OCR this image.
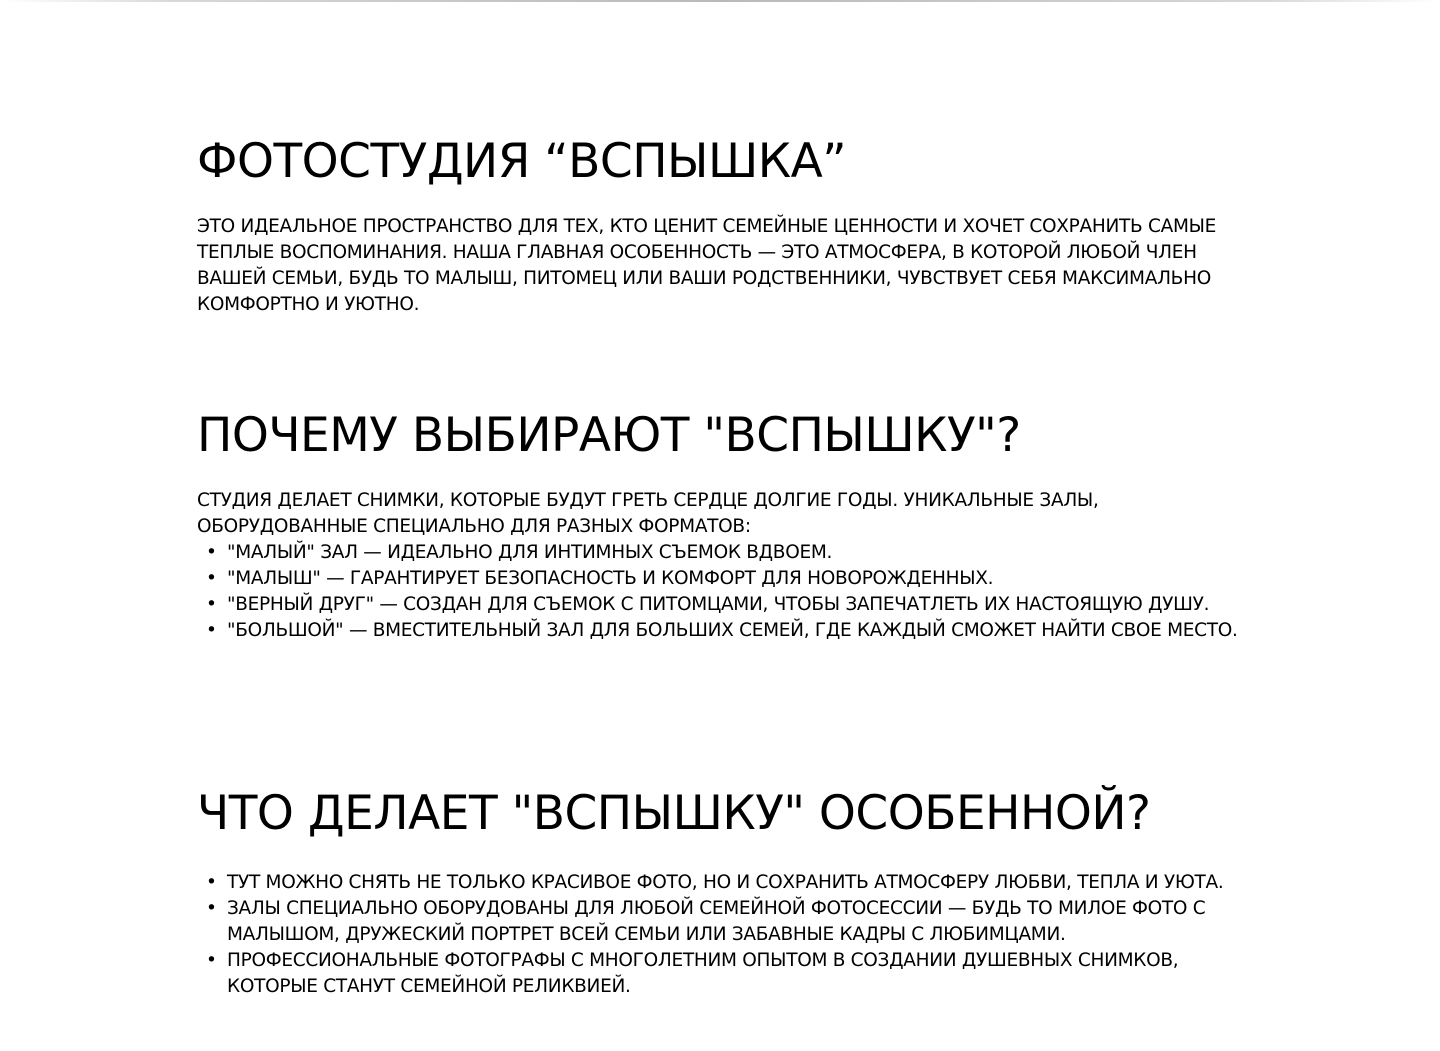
ФОТОСТУДИЯ “ВСПЫШКА”

ЭТО ИДЕАЛЬНОЕ ПРОСТРАНСТВО ДЛЯ ТЕХ, КТО ЦЕНИТ СЕМЕЙНЫЕ ЦЕННОСТИ И ХОЧЕТ СОХРАНИТЬ САМЫЕ ТЕПЛЫЕ ВОСПОМИНАНИЯ. НАША ГЛАВНАЯ ОСОБЕННОСТЬ — ЭТО АТМОСФЕРА, В КОТОРОЙ ЛЮБОЙ ЧЛЕН ВАШЕЙ СЕМЬИ, БУДЬ ТО МАЛЫШ, ПИТОМЕЦ ИЛИ ВАШИ РОДСТВЕННИКИ, ЧУВСТВУЕТ СЕБЯ МАКСИМАЛЬНО КОМФОРТНО И УЮТНО.

ПОЧЕМУ ВЫБИРАЮТ "ВСПЫШКУ"?

СТУДИЯ ДЕЛАЕТ СНИМКИ, КОТОРЫЕ БУДУТ ГРЕТЬ СЕРДЦЕ ДОЛГИЕ ГОДЫ. УНИКАЛЬНЫЕ ЗАЛЫ, ОБОРУДОВАННЫЕ СПЕЦИАЛЬНО ДЛЯ РАЗНЫХ ФОРМАТОВ:

• "МАЛЫЙ" ЗАЛ — ИДЕАЛЬНО ДЛЯ ИНТИМНЫХ СЪЕМОК ВДВОЕМ.
• "МАЛЫШ" — ГАРАНТИРУЕТ БЕЗОПАСНОСТЬ И КОМФОРТ ДЛЯ НОВОРОЖДЕННЫХ.
• "ВЕРНЫЙ ДРУГ" — СОЗДАН ДЛЯ СЪЕМОК С ПИТОМЦАМИ, ЧТОБЫ ЗАПЕЧАТЛЕТЬ ИХ НАСТОЯЩУЮ ДУШУ.
• "БОЛЬШОЙ" — ВМЕСТИТЕЛЬНЫЙ ЗАЛ ДЛЯ БОЛЬШИХ СЕМЕЙ, ГДЕ КАЖДЫЙ СМОЖЕТ НАЙТИ СВОЕ МЕСТО.
ЧТО ДЕЛАЕТ "ВСПЫШКУ" ОСОБЕННОЙ?
• ТУТ МОЖНО СНЯТЬ НЕ ТОЛЬКО КРАСИВОЕ ФОТО, НО И СОХРАНИТЬ АТМОСФЕРУ ЛЮБВИ, ТЕПЛА И УЮТА.
• ЗАЛЫ СПЕЦИАЛЬНО ОБОРУДОВАНЫ ДЛЯ ЛЮБОЙ СЕМЕЙНОЙ ФОТОСЕССИИ — БУДЬ ТО МИЛОЕ ФОТО С МАЛЫШОМ, ДРУЖЕСКИЙ ПОРТРЕТ ВСЕЙ СЕМЬИ ИЛИ ЗАБАВНЫЕ КАДРЫ С ЛЮБИМЦАМИ.
• ПРОФЕССИОНАЛЬНЫЕ ФОТОГРАФЫ С МНОГОЛЕТНИМ ОПЫТОМ В СОЗДАНИИ ДУШЕВНЫХ СНИМКОВ, КОТОРЫЕ СТАНУТ СЕМЕЙНОЙ РЕЛИКВИЕЙ.
